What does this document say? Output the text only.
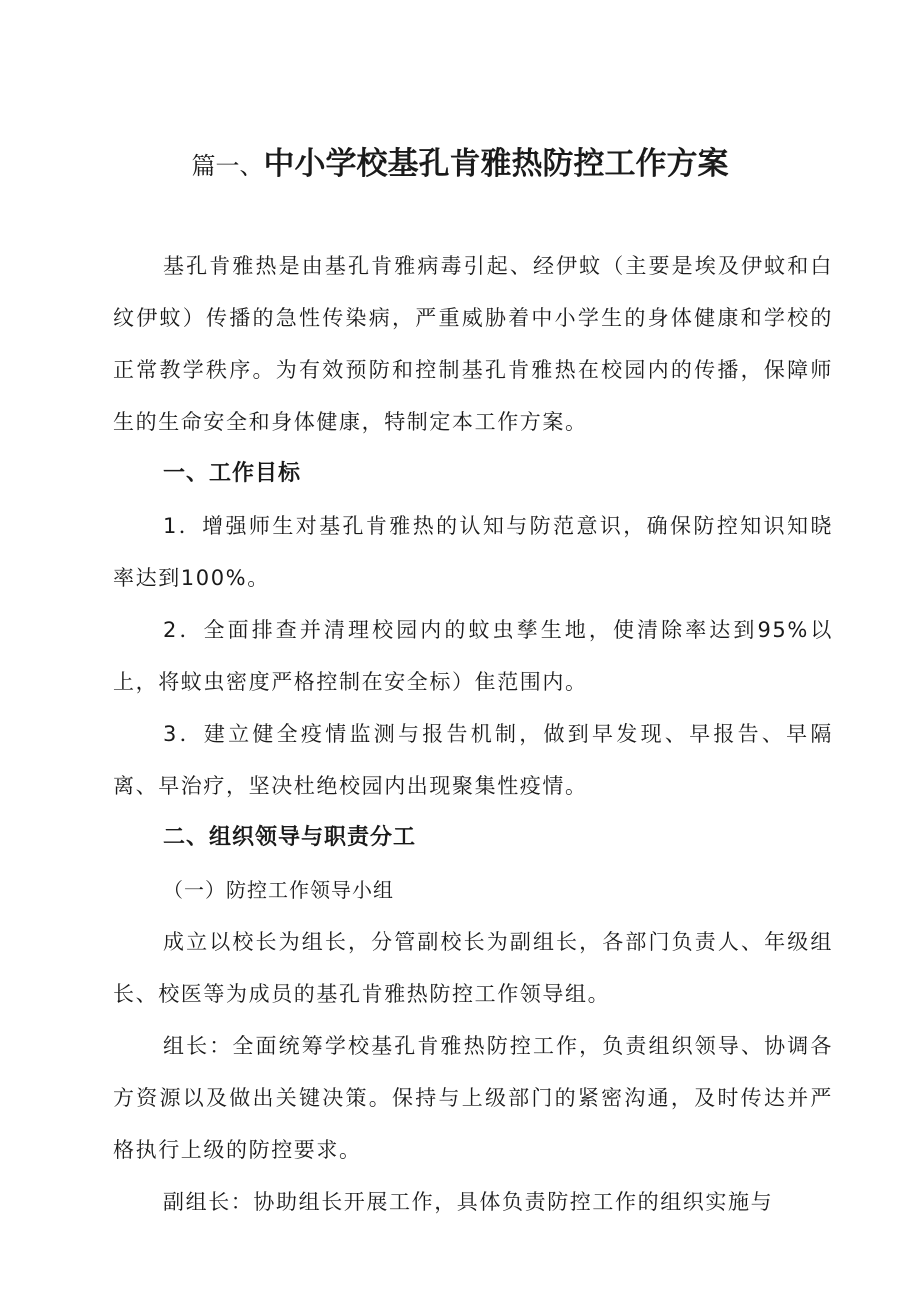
篇一、中小学校基孔肯雅热防控工作方案

基孔肯雅热是由基孔肯雅病毒引起、经伊蚊（主要是埃及伊蚊和白纹伊蚊）传播的急性传染病，严重威胁着中小学生的身体健康和学校的正常教学秩序。为有效预防和控制基孔肯雅热在校园内的传播，保障师生的生命安全和身体健康，特制定本工作方案。

一、工作目标

1．增强师生对基孔肯雅热的认知与防范意识，确保防控知识知晓率达到100%。

2．全面排查并清理校园内的蚊虫孳生地，使清除率达到95%以上，将蚊虫密度严格控制在安全标）隹范围内。

3．建立健全疫情监测与报告机制，做到早发现、早报告、早隔离、早治疗，坚决杜绝校园内出现聚集性疫情。

二、组织领导与职责分工

（一）防控工作领导小组

成立以校长为组长，分管副校长为副组长，各部门负责人、年级组长、校医等为成员的基孔肯雅热防控工作领导组。

组长：全面统筹学校基孔肯雅热防控工作，负责组织领导、协调各方资源以及做出关键决策。保持与上级部门的紧密沟通，及时传达并严格执行上级的防控要求。

副组长：协助组长开展工作，具体负责防控工作的组织实施与
